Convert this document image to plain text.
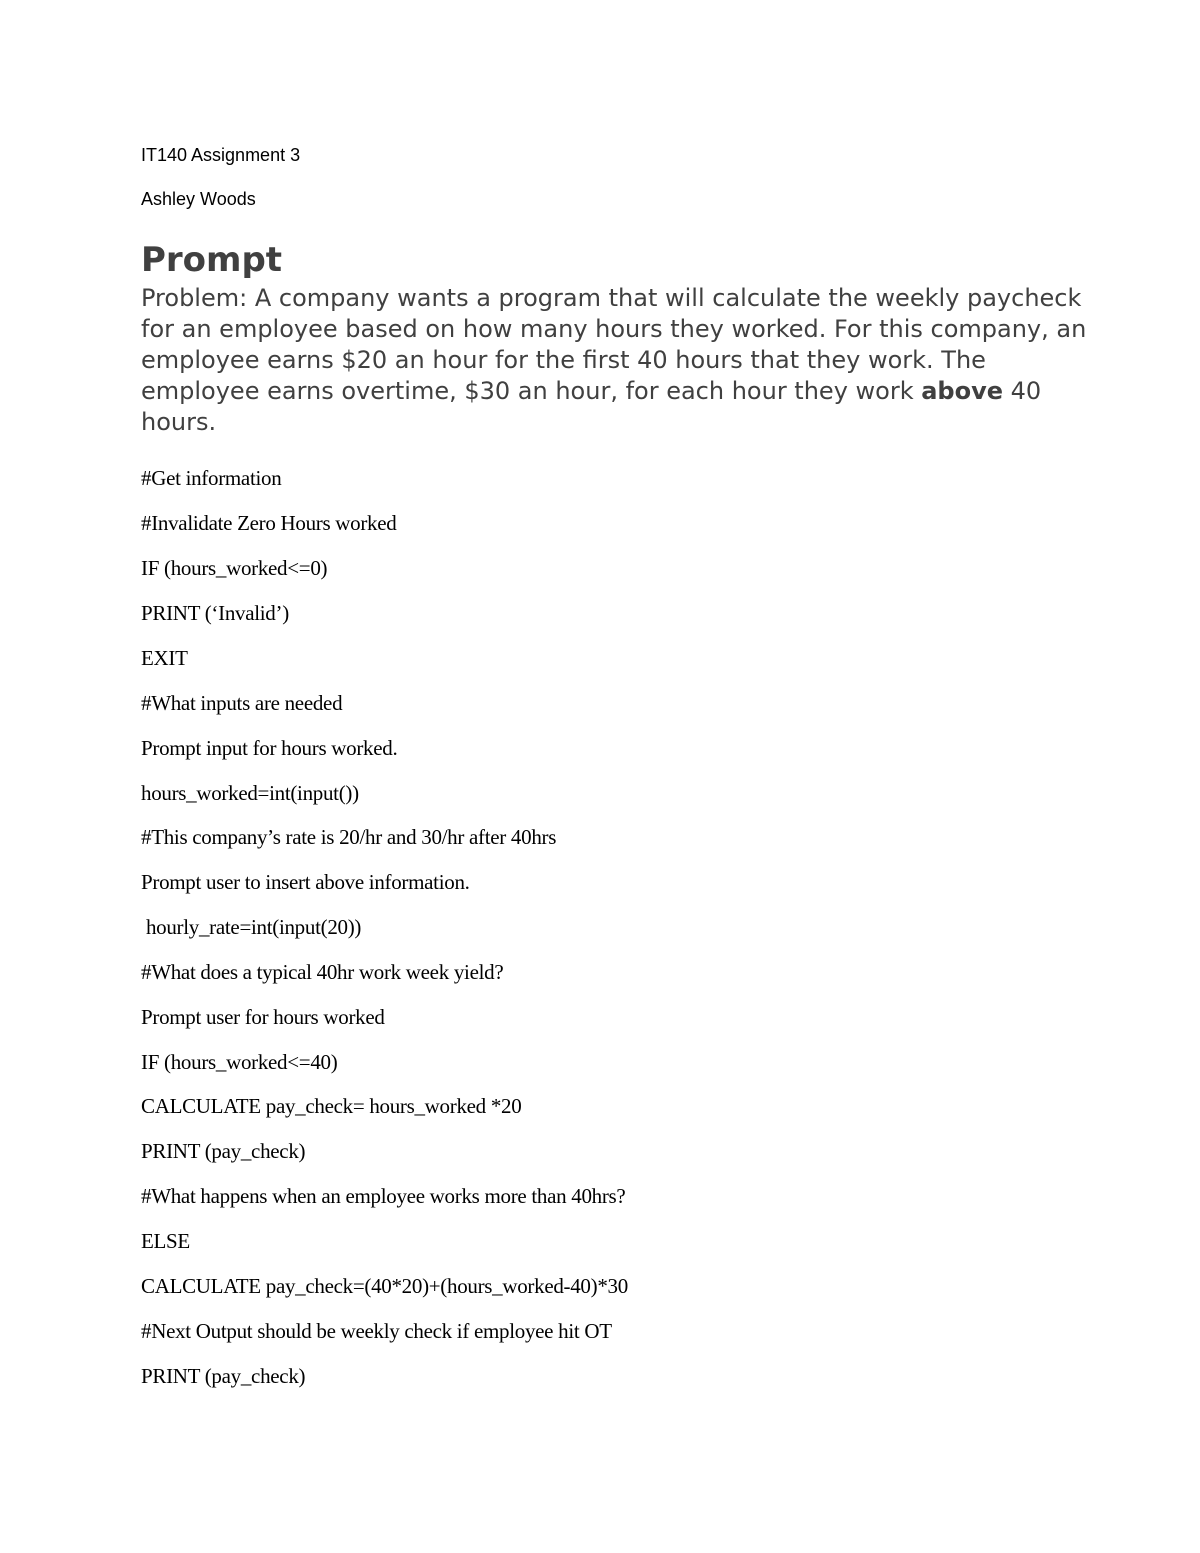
IT140 Assignment 3
Ashley Woods
Prompt
Problem: A company wants a program that will calculate the weekly paycheck for an employee based on how many hours they worked. For this company, an employee earns $20 an hour for the first 40 hours that they work. The employee earns overtime, $30 an hour, for each hour they work above 40 hours.
#Get information
#Invalidate Zero Hours worked
IF (hours_worked<=0)
PRINT (‘Invalid’)
EXIT
#What inputs are needed
Prompt input for hours worked.
hours_worked=int(input())
#This company’s rate is 20/hr and 30/hr after 40hrs
Prompt user to insert above information.
hourly_rate=int(input(20))
#What does a typical 40hr work week yield?
Prompt user for hours worked
IF (hours_worked<=40)
CALCULATE pay_check= hours_worked *20
PRINT (pay_check)
#What happens when an employee works more than 40hrs?
ELSE
CALCULATE pay_check=(40*20)+(hours_worked-40)*30
#Next Output should be weekly check if employee hit OT
PRINT (pay_check)
